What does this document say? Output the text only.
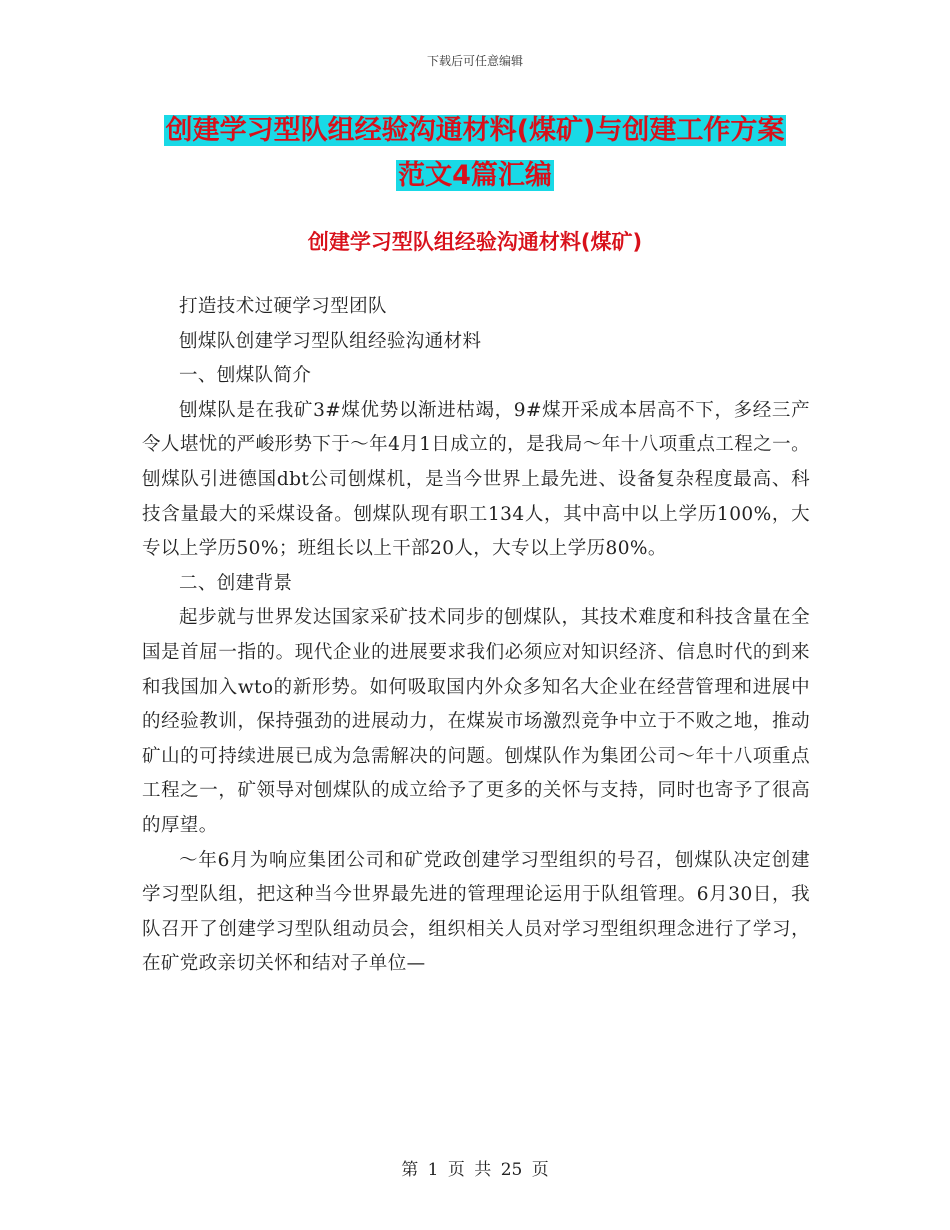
下载后可任意编辑
创建学习型队组经验沟通材料(煤矿)与创建工作方案
范文4篇汇编
创建学习型队组经验沟通材料(煤矿)

打造技术过硬学习型团队

刨煤队创建学习型队组经验沟通材料

一、刨煤队简介

刨煤队是在我矿3#煤优势以渐进枯竭，9#煤开采成本居高不下，多经三产令人堪忧的严峻形势下于～年4月1日成立的，是我局～年十八项重点工程之一。刨煤队引进德国dbt公司刨煤机，是当今世界上最先进、设备复杂程度最高、科技含量最大的采煤设备。刨煤队现有职工134人，其中高中以上学历100%，大专以上学历50%；班组长以上干部20人，大专以上学历80%。

二、创建背景

起步就与世界发达国家采矿技术同步的刨煤队，其技术难度和科技含量在全国是首屈一指的。现代企业的进展要求我们必须应对知识经济、信息时代的到来和我国加入wto的新形势。如何吸取国内外众多知名大企业在经营管理和进展中的经验教训，保持强劲的进展动力，在煤炭市场激烈竞争中立于不败之地，推动矿山的可持续进展已成为急需解决的问题。刨煤队作为集团公司～年十八项重点工程之一，矿领导对刨煤队的成立给予了更多的关怀与支持，同时也寄予了很高的厚望。

～年6月为响应集团公司和矿党政创建学习型组织的号召，刨煤队决定创建学习型队组，把这种当今世界最先进的管理理论运用于队组管理。6月30日，我队召开了创建学习型队组动员会，组织相关人员对学习型组织理念进行了学习，在矿党政亲切关怀和结对子单位—

第 1 页 共 25 页
